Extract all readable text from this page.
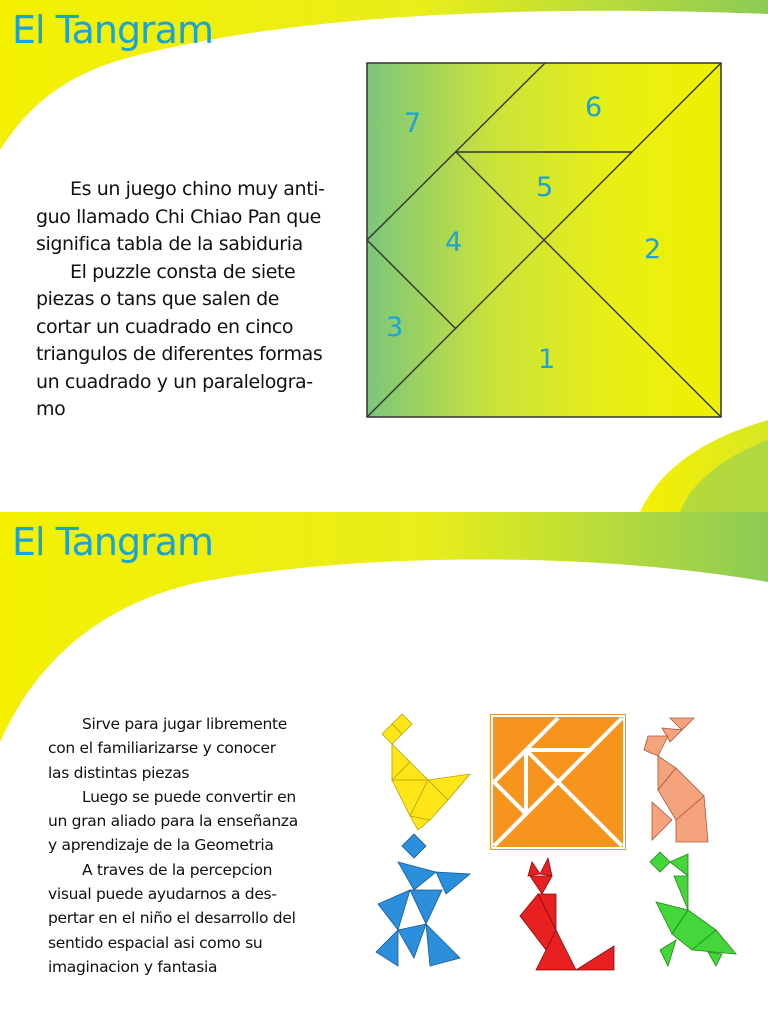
El Tangram

Es un juego chino muy anti-
guo llamado Chi Chiao Pan que
significa tabla de la sabiduria

El puzzle consta de siete
piezas o tans que salen de
cortar un cuadrado en cinco
triangulos de diferentes formas
un cuadrado y un paralelogra-
mo

1
2
3
4
5
6
7
El Tangram

Sirve para jugar libremente
con el familiarizarse y conocer
las distintas piezas

Luego se puede convertir en
un gran aliado para la enseñanza
y aprendizaje de la Geometria

A traves de la percepcion
visual puede ayudarnos a des-
pertar en el niño el desarrollo del
sentido espacial asi como su
imaginacion y fantasia
